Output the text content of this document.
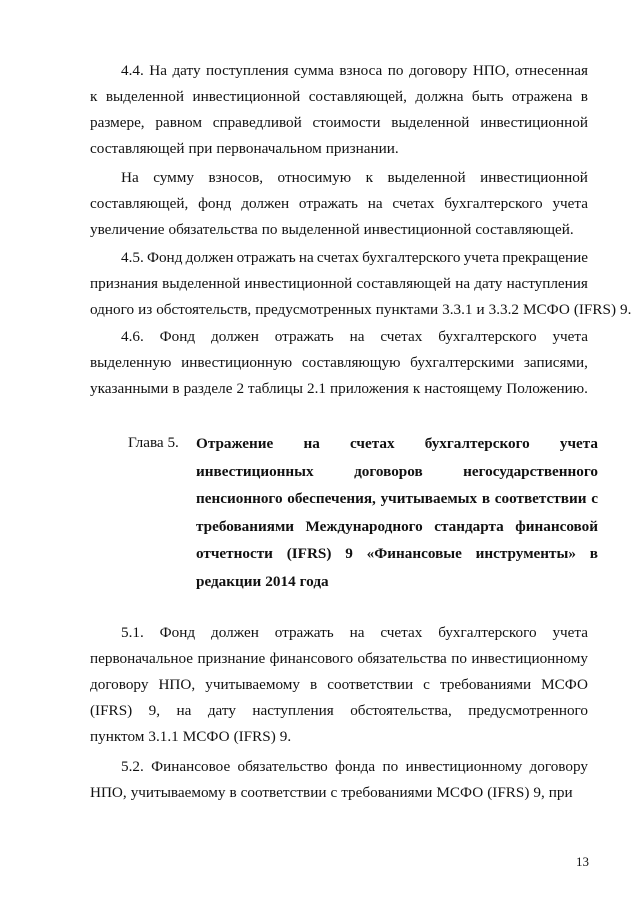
4.4. На дату поступления сумма взноса по договору НПО, отнесенная
к выделенной инвестиционной составляющей, должна быть отражена в
размере, равном справедливой стоимости выделенной инвестиционной
составляющей при первоначальном признании.
На сумму взносов, относимую к выделенной инвестиционной
составляющей, фонд должен отражать на счетах бухгалтерского учета
увеличение обязательства по выделенной инвестиционной составляющей.
4.5. Фонд должен отражать на счетах бухгалтерского учета прекращение
признания выделенной инвестиционной составляющей на дату наступления
одного из обстоятельств, предусмотренных пунктами 3.3.1 и 3.3.2 МСФО (IFRS) 9.
4.6. Фонд должен отражать на счетах бухгалтерского учета
выделенную инвестиционную составляющую бухгалтерскими записями,
указанными в разделе 2 таблицы 2.1 приложения к настоящему Положению.
Глава 5.	Отражение на счетах бухгалтерского учета
инвестиционных	договоров	негосударственного
пенсионного обеспечения, учитываемых в соответствии с
требованиями Международного стандарта финансовой
отчетности (IFRS) 9 «Финансовые инструменты» в
редакции 2014 года
5.1. Фонд должен отражать на счетах бухгалтерского учета
первоначальное признание финансового обязательства по инвестиционному
договору НПО, учитываемому в соответствии с требованиями МСФО
(IFRS) 9, на дату наступления обстоятельства, предусмотренного
пунктом 3.1.1 МСФО (IFRS) 9.
5.2. Финансовое обязательство фонда по инвестиционному договору
НПО, учитываемому в соответствии с требованиями МСФО (IFRS) 9, при
13
